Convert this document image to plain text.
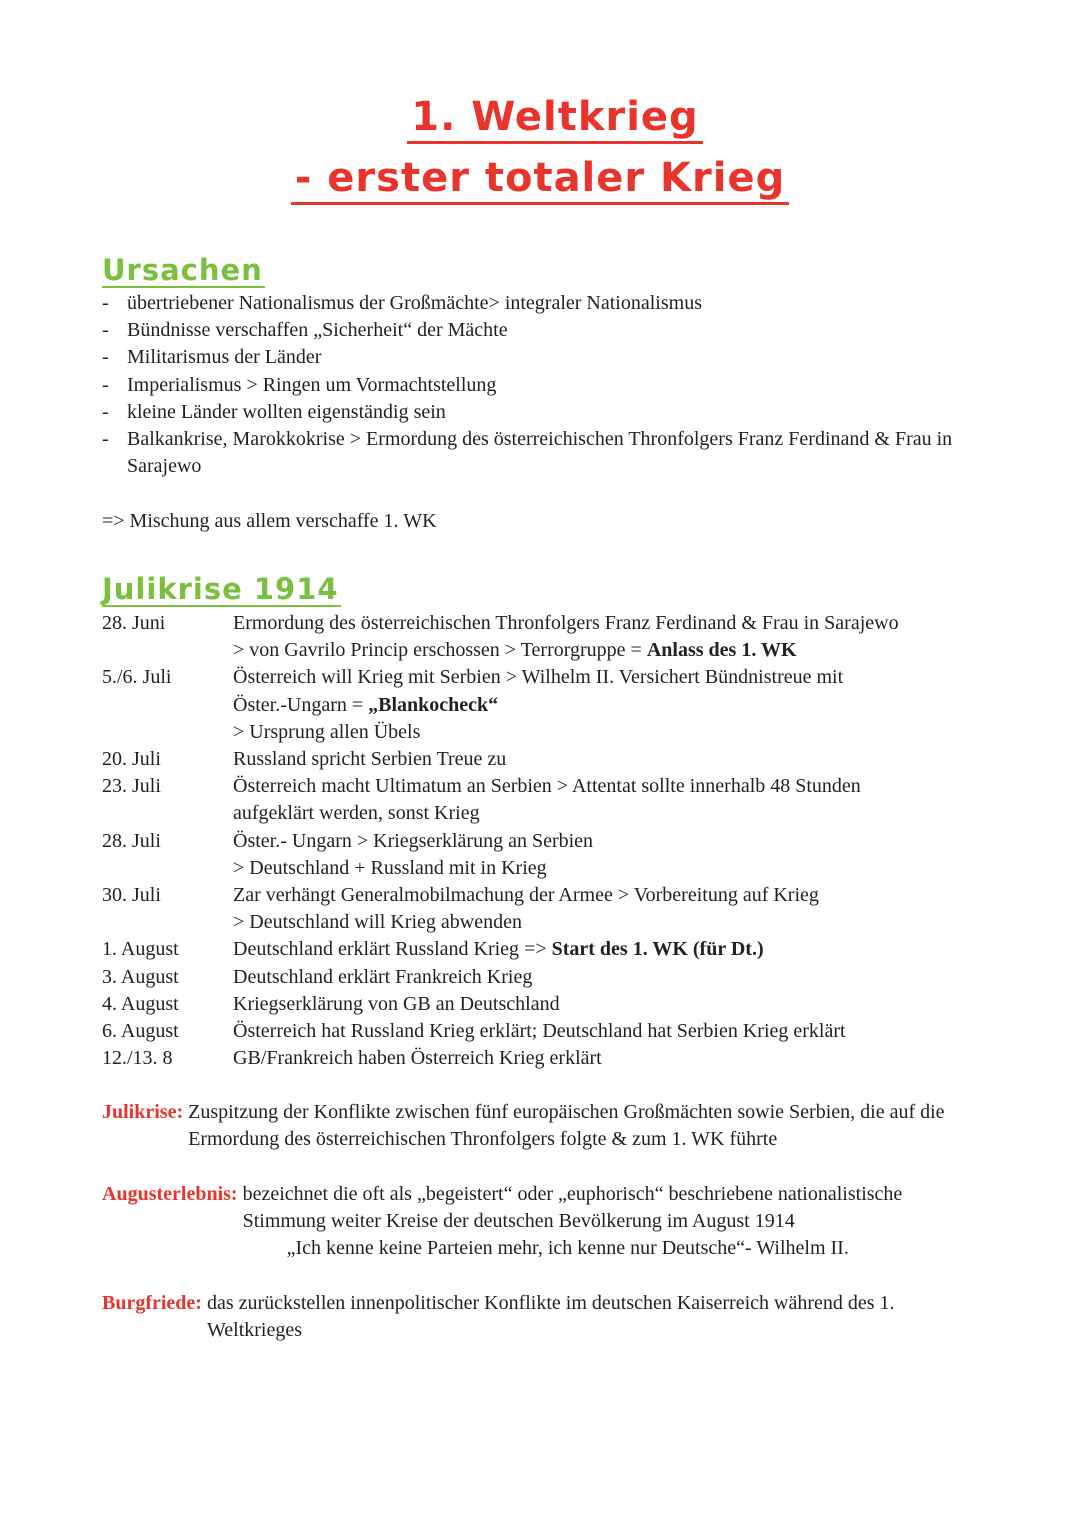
1. Weltkrieg
- erster totaler Krieg
Ursachen
- übertriebener Nationalismus der Großmächte> integraler Nationalismus
- Bündnisse verschaffen „Sicherheit“ der Mächte
- Militarismus der Länder
- Imperialismus > Ringen um Vormachtstellung
- kleine Länder wollten eigenständig sein
- Balkankrise, Marokkokrise > Ermordung des österreichischen Thronfolgers Franz Ferdinand & Frau in Sarajewo
=> Mischung aus allem verschaffe 1. WK
Julikrise 1914
28. Juni	Ermordung des österreichischen Thronfolgers Franz Ferdinand & Frau in Sarajewo
> von Gavrilo Princip erschossen > Terrorgruppe = Anlass des 1. WK
5./6. Juli	Österreich will Krieg mit Serbien > Wilhelm II. Versichert Bündnistreue mit
Öster.-Ungarn = „Blankocheck“
> Ursprung allen Übels
20. Juli	Russland spricht Serbien Treue zu
23. Juli	Österreich macht Ultimatum an Serbien > Attentat sollte innerhalb 48 Stunden
aufgeklärt werden, sonst Krieg
28. Juli	Öster.- Ungarn > Kriegserklärung an Serbien
> Deutschland + Russland mit in Krieg
30. Juli	Zar verhängt Generalmobilmachung der Armee > Vorbereitung auf Krieg
> Deutschland will Krieg abwenden
1. August	Deutschland erklärt Russland Krieg => Start des 1. WK (für Dt.)
3. August	Deutschland erklärt Frankreich Krieg
4. August	Kriegserklärung von GB an Deutschland
6. August	Österreich hat Russland Krieg erklärt; Deutschland hat Serbien Krieg erklärt
12./13. 8	GB/Frankreich haben Österreich Krieg erklärt
Julikrise: Zuspitzung der Konflikte zwischen fünf europäischen Großmächten sowie Serbien, die auf die Ermordung des österreichischen Thronfolgers folgte & zum 1. WK führte
Augusterlebnis: bezeichnet die oft als „begeistert“ oder „euphorisch“ beschriebene nationalistische Stimmung weiter Kreise der deutschen Bevölkerung im August 1914
„Ich kenne keine Parteien mehr, ich kenne nur Deutsche“- Wilhelm II.
Burgfriede: das zurückstellen innenpolitischer Konflikte im deutschen Kaiserreich während des 1. Weltkrieges
